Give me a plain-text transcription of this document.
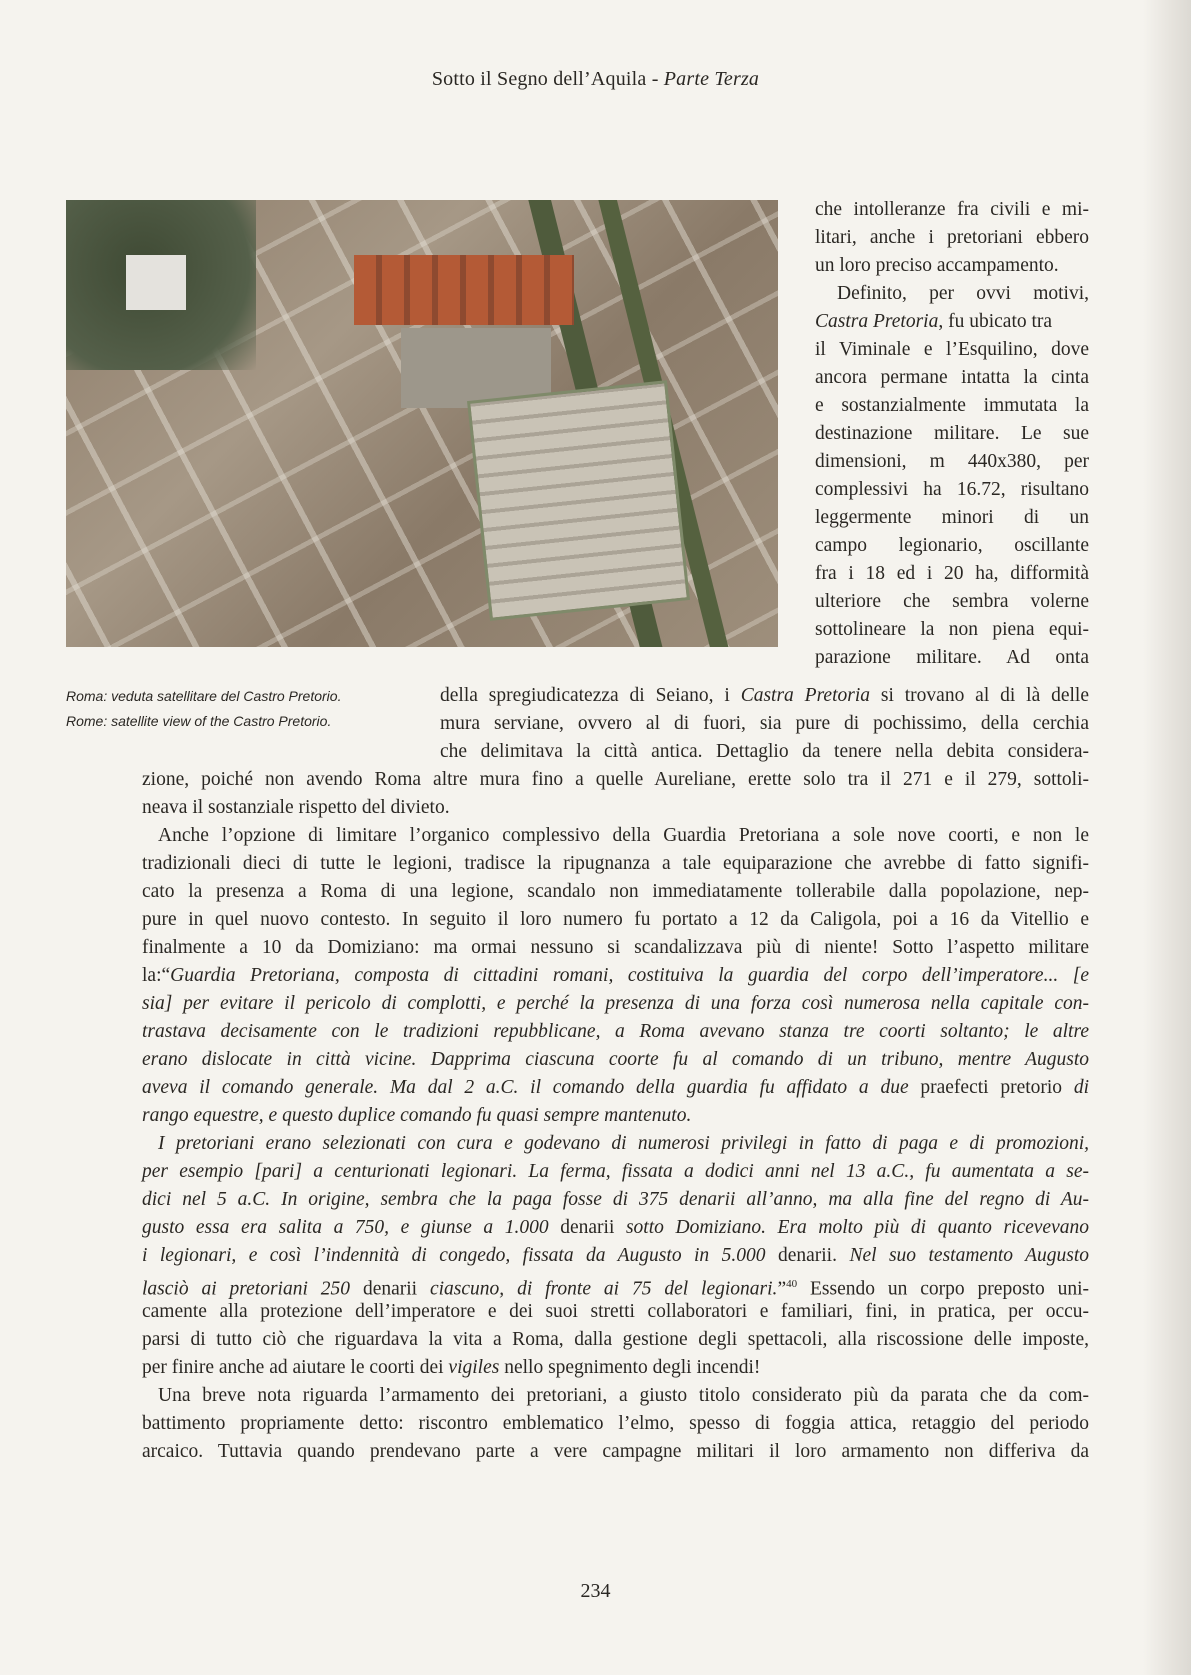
Sotto il Segno dell’Aquila - Parte Terza
Roma: veduta satellitare del Castro Pretorio.
Rome: satellite view of the Castro Pretorio.
che intolleranze fra civili e mi-
litari, anche i pretoriani ebbero
un loro preciso accampamento.
Definito, per ovvi motivi,
Castra Pretoria, fu ubicato tra
il Viminale e l’Esquilino, dove
ancora permane intatta la cinta
e sostanzialmente immutata la
destinazione militare. Le sue
dimensioni, m 440x380, per
complessivi ha 16.72, risultano
leggermente minori di un
campo legionario, oscillante
fra i 18 ed i 20 ha, difformità
ulteriore che sembra volerne
sottolineare la non piena equi-
parazione militare. Ad onta
della spregiudicatezza di Seiano, i Castra Pretoria si trovano al di là delle
mura serviane, ovvero al di fuori, sia pure di pochissimo, della cerchia
che delimitava la città antica. Dettaglio da tenere nella debita considera-
zione, poiché non avendo Roma altre mura fino a quelle Aureliane, erette solo tra il 271 e il 279, sottoli-
neava il sostanziale rispetto del divieto.
Anche l’opzione di limitare l’organico complessivo della Guardia Pretoriana a sole nove coorti, e non le
tradizionali dieci di tutte le legioni, tradisce la ripugnanza a tale equiparazione che avrebbe di fatto signifi-
cato la presenza a Roma di una legione, scandalo non immediatamente tollerabile dalla popolazione, nep-
pure in quel nuovo contesto. In seguito il loro numero fu portato a 12 da Caligola, poi a 16 da Vitellio e
finalmente a 10 da Domiziano: ma ormai nessuno si scandalizzava più di niente! Sotto l’aspetto militare
la:“Guardia Pretoriana, composta di cittadini romani, costituiva la guardia del corpo dell’imperatore... [e
sia] per evitare il pericolo di complotti, e perché la presenza di una forza così numerosa nella capitale con-
trastava decisamente con le tradizioni repubblicane, a Roma avevano stanza tre coorti soltanto; le altre
erano dislocate in città vicine. Dapprima ciascuna coorte fu al comando di un tribuno, mentre Augusto
aveva il comando generale. Ma dal 2 a.C. il comando della guardia fu affidato a due praefecti pretorio di
rango equestre, e questo duplice comando fu quasi sempre mantenuto.
I pretoriani erano selezionati con cura e godevano di numerosi privilegi in fatto di paga e di promozioni,
per esempio [pari] a centurionati legionari. La ferma, fissata a dodici anni nel 13 a.C., fu aumentata a se-
dici nel 5 a.C. In origine, sembra che la paga fosse di 375 denarii all’anno, ma alla fine del regno di Au-
gusto essa era salita a 750, e giunse a 1.000 denarii sotto Domiziano. Era molto più di quanto ricevevano
i legionari, e così l’indennità di congedo, fissata da Augusto in 5.000 denarii. Nel suo testamento Augusto
lasciò ai pretoriani 250 denarii ciascuno, di fronte ai 75 del legionari.”$^{40}$ Essendo un corpo preposto uni-
camente alla protezione dell’imperatore e dei suoi stretti collaboratori e familiari, fini, in pratica, per occu-
parsi di tutto ciò che riguardava la vita a Roma, dalla gestione degli spettacoli, alla riscossione delle imposte,
per finire anche ad aiutare le coorti dei vigiles nello spegnimento degli incendi!
Una breve nota riguarda l’armamento dei pretoriani, a giusto titolo considerato più da parata che da com-
battimento propriamente detto: riscontro emblematico l’elmo, spesso di foggia attica, retaggio del periodo
arcaico. Tuttavia quando prendevano parte a vere campagne militari il loro armamento non differiva da
234
